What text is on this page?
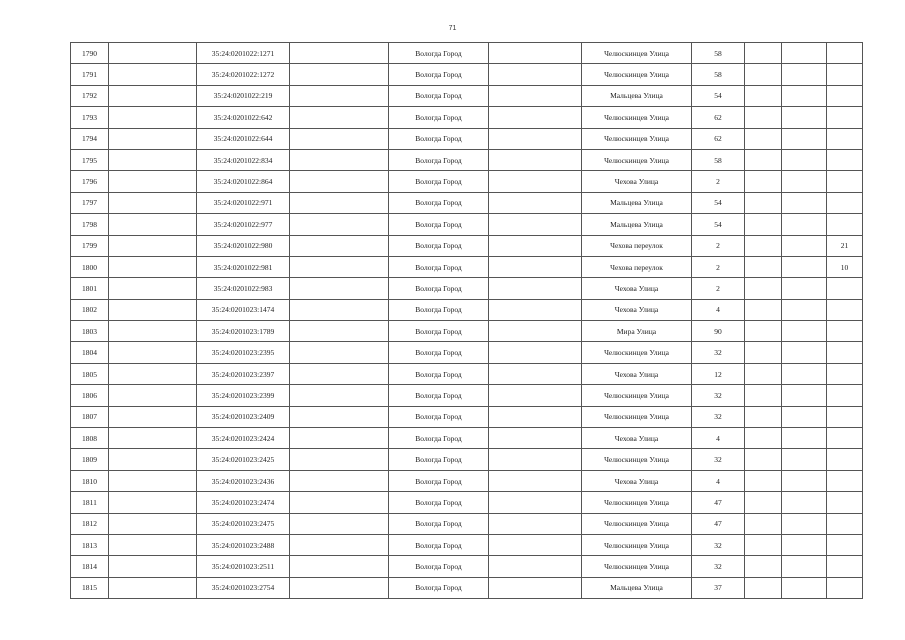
71
1790		35:24:0201022:1271		Вологда Город		Челюскинцев Улица	58			
1791		35:24:0201022:1272		Вологда Город		Челюскинцев Улица	58			
1792		35:24:0201022:219		Вологда Город		Мальцева Улица	54			
1793		35:24:0201022:642		Вологда Город		Челюскинцев Улица	62			
1794		35:24:0201022:644		Вологда Город		Челюскинцев Улица	62			
1795		35:24:0201022:834		Вологда Город		Челюскинцев Улица	58			
1796		35:24:0201022:864		Вологда Город		Чехова Улица	2			
1797		35:24:0201022:971		Вологда Город		Мальцева Улица	54			
1798		35:24:0201022:977		Вологда Город		Мальцева Улица	54			
1799		35:24:0201022:980		Вологда Город		Чехова переулок	2			21
1800		35:24:0201022:981		Вологда Город		Чехова переулок	2			10
1801		35:24:0201022:983		Вологда Город		Чехова Улица	2			
1802		35:24:0201023:1474		Вологда Город		Чехова Улица	4			
1803		35:24:0201023:1789		Вологда Город		Мира Улица	90			
1804		35:24:0201023:2395		Вологда Город		Челюскинцев Улица	32			
1805		35:24:0201023:2397		Вологда Город		Чехова Улица	12			
1806		35:24:0201023:2399		Вологда Город		Челюскинцев Улица	32			
1807		35:24:0201023:2409		Вологда Город		Челюскинцев Улица	32			
1808		35:24:0201023:2424		Вологда Город		Чехова Улица	4			
1809		35:24:0201023:2425		Вологда Город		Челюскинцев Улица	32			
1810		35:24:0201023:2436		Вологда Город		Чехова Улица	4			
1811		35:24:0201023:2474		Вологда Город		Челюскинцев Улица	47			
1812		35:24:0201023:2475		Вологда Город		Челюскинцев Улица	47			
1813		35:24:0201023:2488		Вологда Город		Челюскинцев Улица	32			
1814		35:24:0201023:2511		Вологда Город		Челюскинцев Улица	32			
1815		35:24:0201023:2754		Вологда Город		Мальцева Улица	37			
